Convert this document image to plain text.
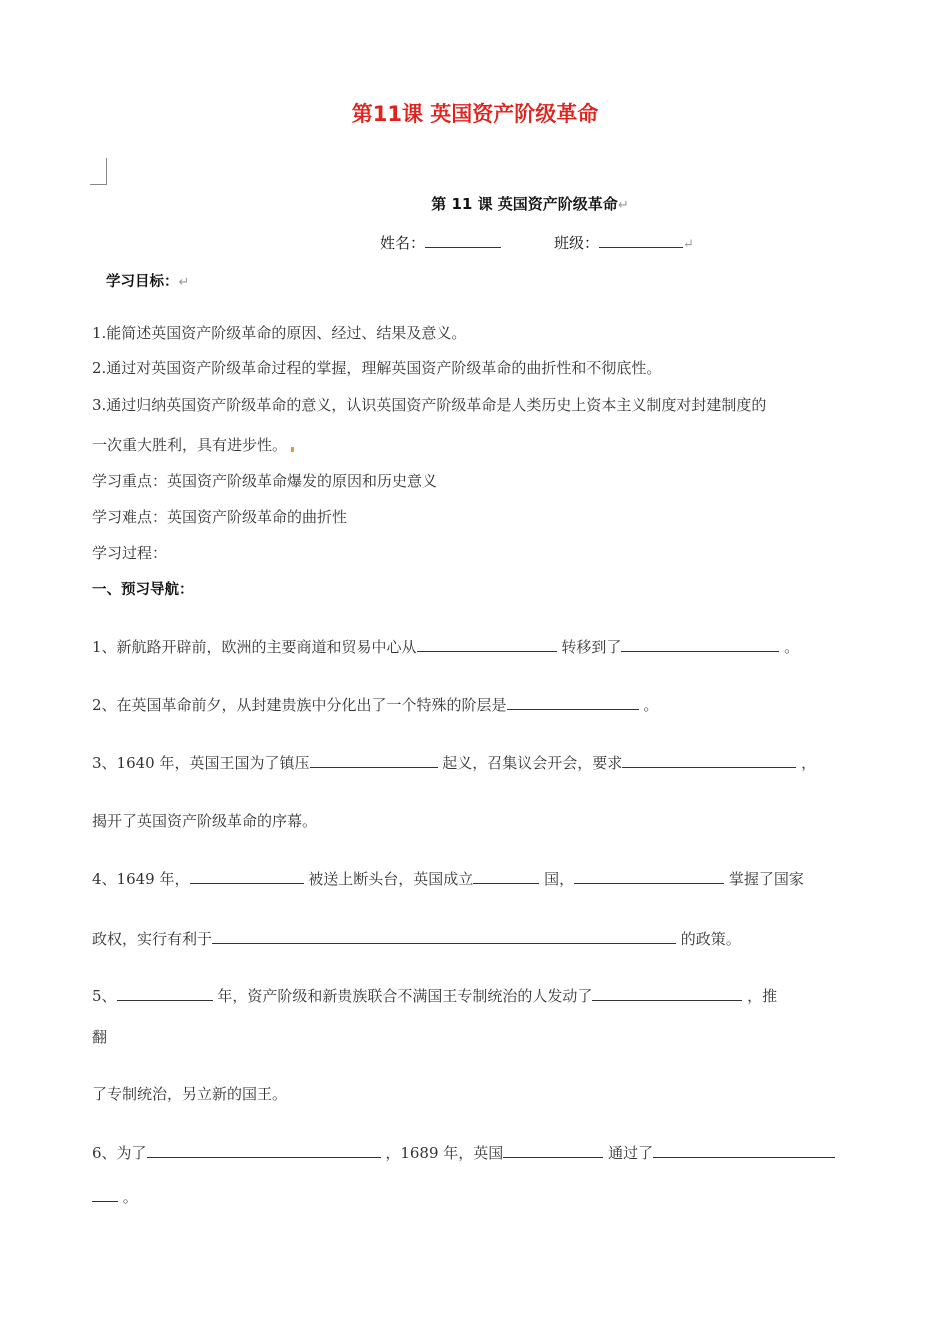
第11课 英国资产阶级革命
第 11 课 英国资产阶级革命↵
姓名：	班级：	↵
学习目标：↵
1.能简述英国资产阶级革命的原因、经过、结果及意义。
2.通过对英国资产阶级革命过程的掌握，理解英国资产阶级革命的曲折性和不彻底性。
3.通过归纳英国资产阶级革命的意义，认识英国资产阶级革命是人类历史上资本主义制度对封建制度的
一次重大胜利，具有进步性。
学习重点：英国资产阶级革命爆发的原因和历史意义
学习难点：英国资产阶级革命的曲折性
学习过程：
一、预习导航：
1、新航路开辟前，欧洲的主要商道和贸易中心从	转移到了	。
2、在英国革命前夕，从封建贵族中分化出了一个特殊的阶层是	。
3、1640 年，英国王国为了镇压	起义，召集议会开会，要求	，
揭开了英国资产阶级革命的序幕。
4、1649 年，	被送上断头台，英国成立	国，	掌握了国家
政权，实行有利于	的政策。
5、	年，资产阶级和新贵族联合不满国王专制统治的人发动了	，推
翻
了专制统治，另立新的国王。
6、为了	，1689 年，英国	通过了
。
